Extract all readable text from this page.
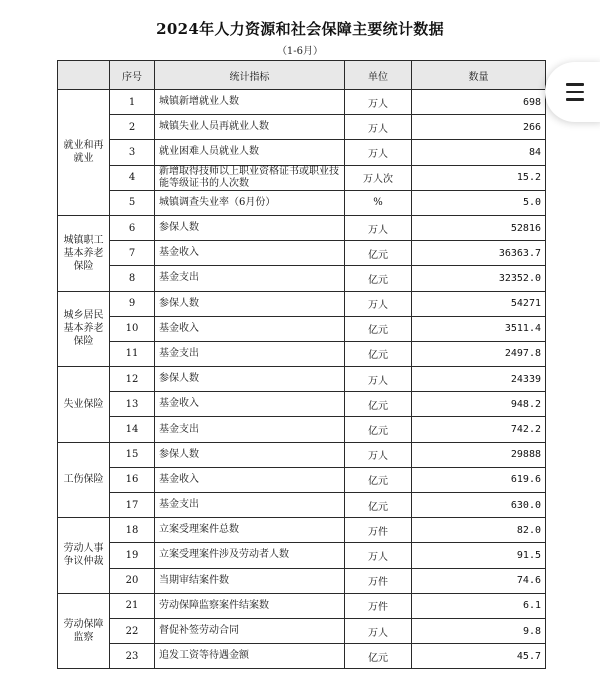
2024年人力资源和社会保障主要统计数据
（1-6月）
	序号	统计指标	单位	数量
就业和再就业	1	城镇新增就业人数	万人	698
	2	城镇失业人员再就业人数	万人	266
	3	就业困难人员就业人数	万人	84
	4	新增取得技师以上职业资格证书或职业技能等级证书的人次数	万人次	15.2
	5	城镇调查失业率（6月份）	%	5.0
城镇职工基本养老保险	6	参保人数	万人	52816
	7	基金收入	亿元	36363.7
	8	基金支出	亿元	32352.0
城乡居民基本养老保险	9	参保人数	万人	54271
	10	基金收入	亿元	3511.4
	11	基金支出	亿元	2497.8
失业保险	12	参保人数	万人	24339
	13	基金收入	亿元	948.2
	14	基金支出	亿元	742.2
工伤保险	15	参保人数	万人	29888
	16	基金收入	亿元	619.6
	17	基金支出	亿元	630.0
劳动人事争议仲裁	18	立案受理案件总数	万件	82.0
	19	立案受理案件涉及劳动者人数	万人	91.5
	20	当期审结案件数	万件	74.6
劳动保障监察	21	劳动保障监察案件结案数	万件	6.1
	22	督促补签劳动合同	万人	9.8
	23	追发工资等待遇金额	亿元	45.7
